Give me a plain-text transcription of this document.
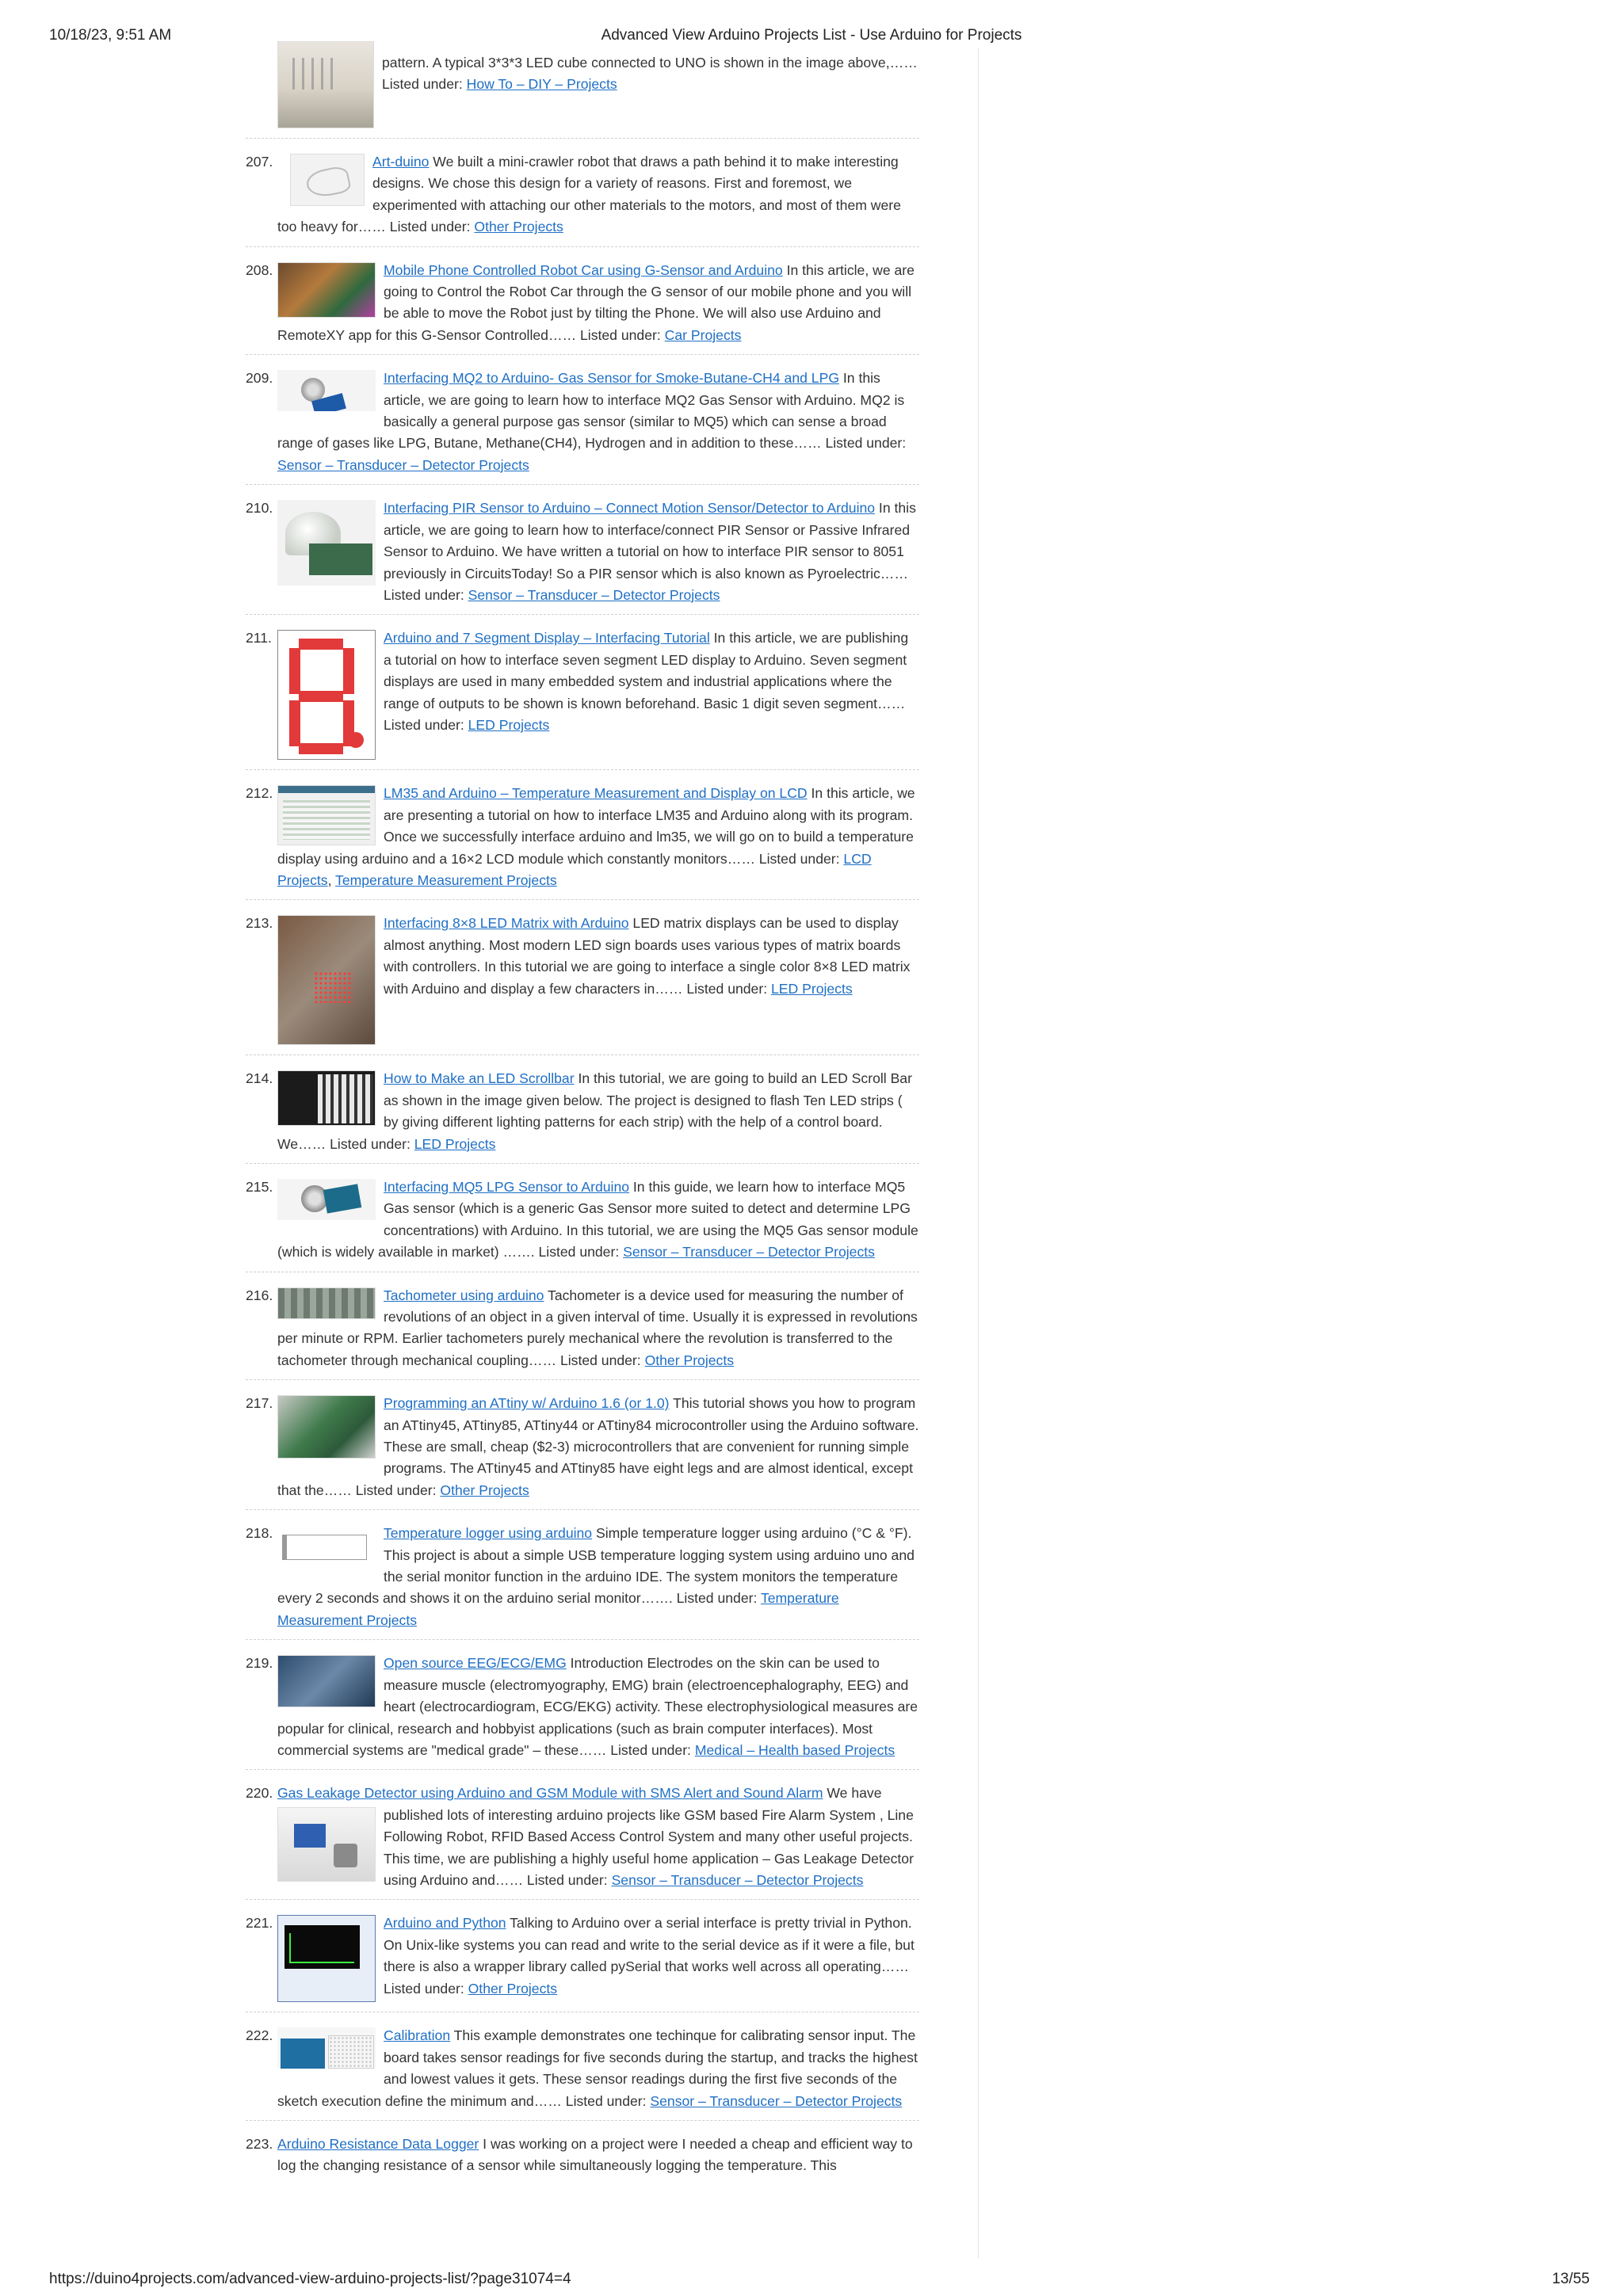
10/18/23, 9:51 AM	Advanced View Arduino Projects List - Use Arduino for Projects

pattern. A typical 3*3*3 LED cube connected to UNO is shown in the image above,…… Listed under: How To – DIY – Projects

207.	Art-duino We built a mini-crawler robot that draws a path behind it to make interesting designs. We chose this design for a variety of reasons. First and foremost, we experimented with attaching our other materials to the motors, and most of them were too heavy for…… Listed under: Other Projects

208.	Mobile Phone Controlled Robot Car using G-Sensor and Arduino In this article, we are going to Control the Robot Car through the G sensor of our mobile phone and you will be able to move the Robot just by tilting the Phone. We will also use Arduino and RemoteXY app for this G-Sensor Controlled…… Listed under: Car Projects

209.	Interfacing MQ2 to Arduino- Gas Sensor for Smoke-Butane-CH4 and LPG In this article, we are going to learn how to interface MQ2 Gas Sensor with Arduino. MQ2 is basically a general purpose gas sensor (similar to MQ5) which can sense a broad range of gases like LPG, Butane, Methane(CH4), Hydrogen and in addition to these…… Listed under: Sensor – Transducer – Detector Projects

210.	Interfacing PIR Sensor to Arduino – Connect Motion Sensor/Detector to Arduino In this article, we are going to learn how to interface/connect PIR Sensor or Passive Infrared Sensor to Arduino. We have written a tutorial on how to interface PIR sensor to 8051 previously in CircuitsToday! So a PIR sensor which is also known as Pyroelectric…… Listed under: Sensor – Transducer – Detector Projects

211.	Arduino and 7 Segment Display – Interfacing Tutorial In this article, we are publishing a tutorial on how to interface seven segment LED display to Arduino. Seven segment displays are used in many embedded system and industrial applications where the range of outputs to be shown is known beforehand. Basic 1 digit seven segment…… Listed under: LED Projects

212.	LM35 and Arduino – Temperature Measurement and Display on LCD In this article, we are presenting a tutorial on how to interface LM35 and Arduino along with its program. Once we successfully interface arduino and lm35, we will go on to build a temperature display using arduino and a 16×2 LCD module which constantly monitors…… Listed under: LCD Projects, Temperature Measurement Projects

213.	Interfacing 8×8 LED Matrix with Arduino LED matrix displays can be used to display almost anything. Most modern LED sign boards uses various types of matrix boards with controllers. In this tutorial we are going to interface a single color 8×8 LED matrix with Arduino and display a few characters in…… Listed under: LED Projects

214.	How to Make an LED Scrollbar In this tutorial, we are going to build an LED Scroll Bar as shown in the image given below. The project is designed to flash Ten LED strips ( by giving different lighting patterns for each strip) with the help of a control board. We…… Listed under: LED Projects

215.	Interfacing MQ5 LPG Sensor to Arduino In this guide, we learn how to interface MQ5 Gas sensor (which is a generic Gas Sensor more suited to detect and determine LPG concentrations) with Arduino. In this tutorial, we are using the MQ5 Gas sensor module (which is widely available in market) ……. Listed under: Sensor – Transducer – Detector Projects

216.	Tachometer using arduino Tachometer is a device used for measuring the number of revolutions of an object in a given interval of time. Usually it is expressed in revolutions per minute or RPM. Earlier tachometers purely mechanical where the revolution is transferred to the tachometer through mechanical coupling…… Listed under: Other Projects

217.	Programming an ATtiny w/ Arduino 1.6 (or 1.0) This tutorial shows you how to program an ATtiny45, ATtiny85, ATtiny44 or ATtiny84 microcontroller using the Arduino software. These are small, cheap ($2-3) microcontrollers that are convenient for running simple programs. The ATtiny45 and ATtiny85 have eight legs and are almost identical, except that the…… Listed under: Other Projects

218.	Temperature logger using arduino Simple temperature logger using arduino (°C & °F). This project is about a simple USB temperature logging system using arduino uno and the serial monitor function in the arduino IDE. The system monitors the temperature every 2 seconds and shows it on the arduino serial monitor……. Listed under: Temperature Measurement Projects

219.	Open source EEG/ECG/EMG Introduction Electrodes on the skin can be used to measure muscle (electromyography, EMG) brain (electroencephalography, EEG) and heart (electrocardiogram, ECG/EKG) activity. These electrophysiological measures are popular for clinical, research and hobbyist applications (such as brain computer interfaces). Most commercial systems are "medical grade" – these…… Listed under: Medical – Health based Projects

220. Gas Leakage Detector using Arduino and GSM Module with SMS Alert and Sound Alarm
We have published lots of interesting arduino projects like GSM based Fire Alarm System , Line Following Robot, RFID Based Access Control System and many other useful projects. This time, we are publishing a highly useful home application – Gas Leakage Detector using Arduino and…… Listed under: Sensor – Transducer – Detector Projects

221.	Arduino and Python Talking to Arduino over a serial interface is pretty trivial in Python. On Unix-like systems you can read and write to the serial device as if it were a file, but there is also a wrapper library called pySerial that works well across all operating…… Listed under: Other Projects

222.	Calibration This example demonstrates one techinque for calibrating sensor input. The board takes sensor readings for five seconds during the startup, and tracks the highest and lowest values it gets. These sensor readings during the first five seconds of the sketch execution define the minimum and…… Listed under: Sensor – Transducer – Detector Projects

223. Arduino Resistance Data Logger I was working on a project were I needed a cheap and efficient way to log the changing resistance of a sensor while simultaneously logging the temperature. This

https://duino4projects.com/advanced-view-arduino-projects-list/?page31074=4	13/55
